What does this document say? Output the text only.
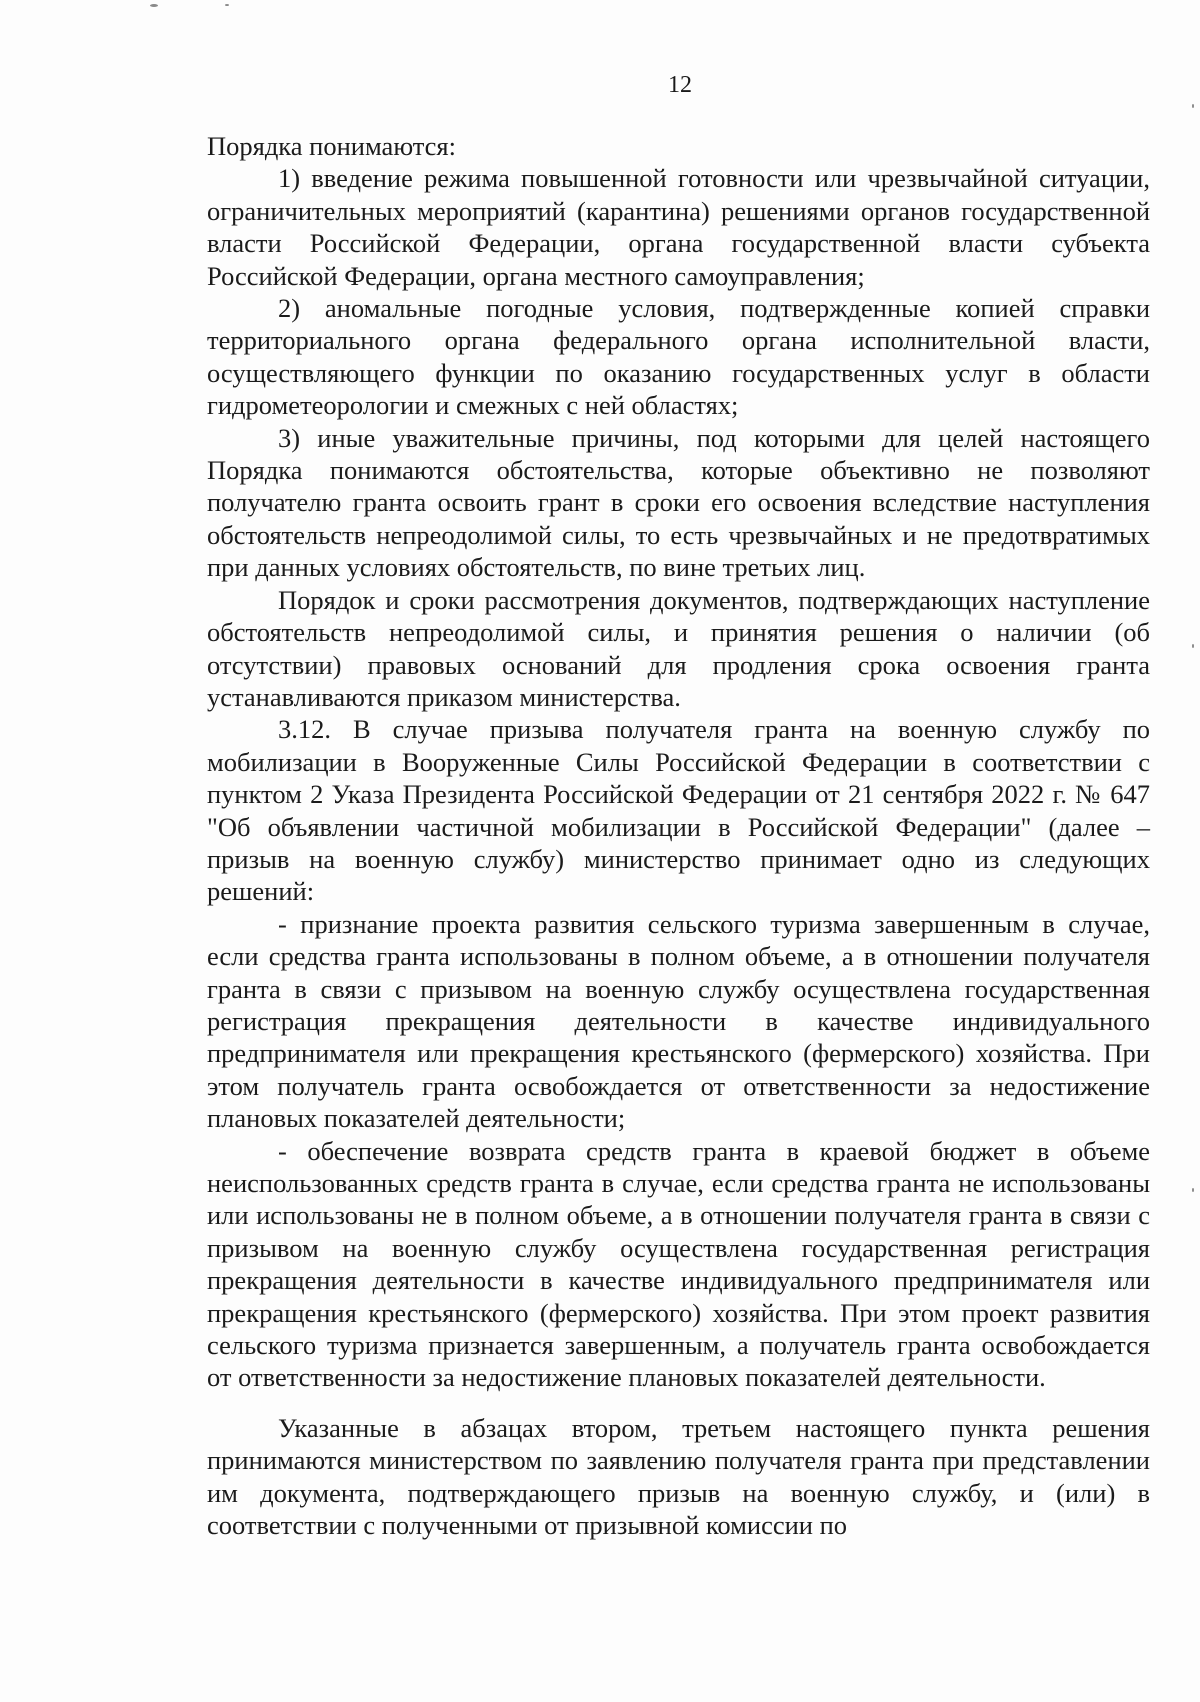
12

Порядка понимаются:

1) введение режима повышенной готовности или чрезвычайной ситуации, ограничительных мероприятий (карантина) решениями органов государственной власти Российской Федерации, органа государственной власти субъекта Российской Федерации, органа местного самоуправления;

2) аномальные погодные условия, подтвержденные копией справки территориального органа федерального органа исполнительной власти, осуществляющего функции по оказанию государственных услуг в области гидрометеорологии и смежных с ней областях;

3) иные уважительные причины, под которыми для целей настоящего Порядка понимаются обстоятельства, которые объективно не позволяют получателю гранта освоить грант в сроки его освоения вследствие наступления обстоятельств непреодолимой силы, то есть чрезвычайных и не предотвратимых при данных условиях обстоятельств, по вине третьих лиц.

Порядок и сроки рассмотрения документов, подтверждающих наступление обстоятельств непреодолимой силы, и принятия решения о наличии (об отсутствии) правовых оснований для продления срока освоения гранта устанавливаются приказом министерства.

3.12. В случае призыва получателя гранта на военную службу по мобилизации в Вооруженные Силы Российской Федерации в соответствии с пунктом 2 Указа Президента Российской Федерации от 21 сентября 2022 г. № 647 "Об объявлении частичной мобилизации в Российской Федерации" (далее – призыв на военную службу) министерство принимает одно из следующих решений:

- признание проекта развития сельского туризма завершенным в случае, если средства гранта использованы в полном объеме, а в отношении получателя гранта в связи с призывом на военную службу осуществлена государственная регистрация прекращения деятельности в качестве индивидуального предпринимателя или прекращения крестьянского (фермерского) хозяйства. При этом получатель гранта освобождается от ответственности за недостижение плановых показателей деятельности;

- обеспечение возврата средств гранта в краевой бюджет в объеме неиспользованных средств гранта в случае, если средства гранта не использованы или использованы не в полном объеме, а в отношении получателя гранта в связи с призывом на военную службу осуществлена государственная регистрация прекращения деятельности в качестве индивидуального предпринимателя или прекращения крестьянского (фермерского) хозяйства. При этом проект развития сельского туризма признается завершенным, а получатель гранта освобождается от ответственности за недостижение плановых показателей деятельности.

Указанные в абзацах втором, третьем настоящего пункта решения принимаются министерством по заявлению получателя гранта при представлении им документа, подтверждающего призыв на военную службу, и (или) в соответствии с полученными от призывной комиссии по
